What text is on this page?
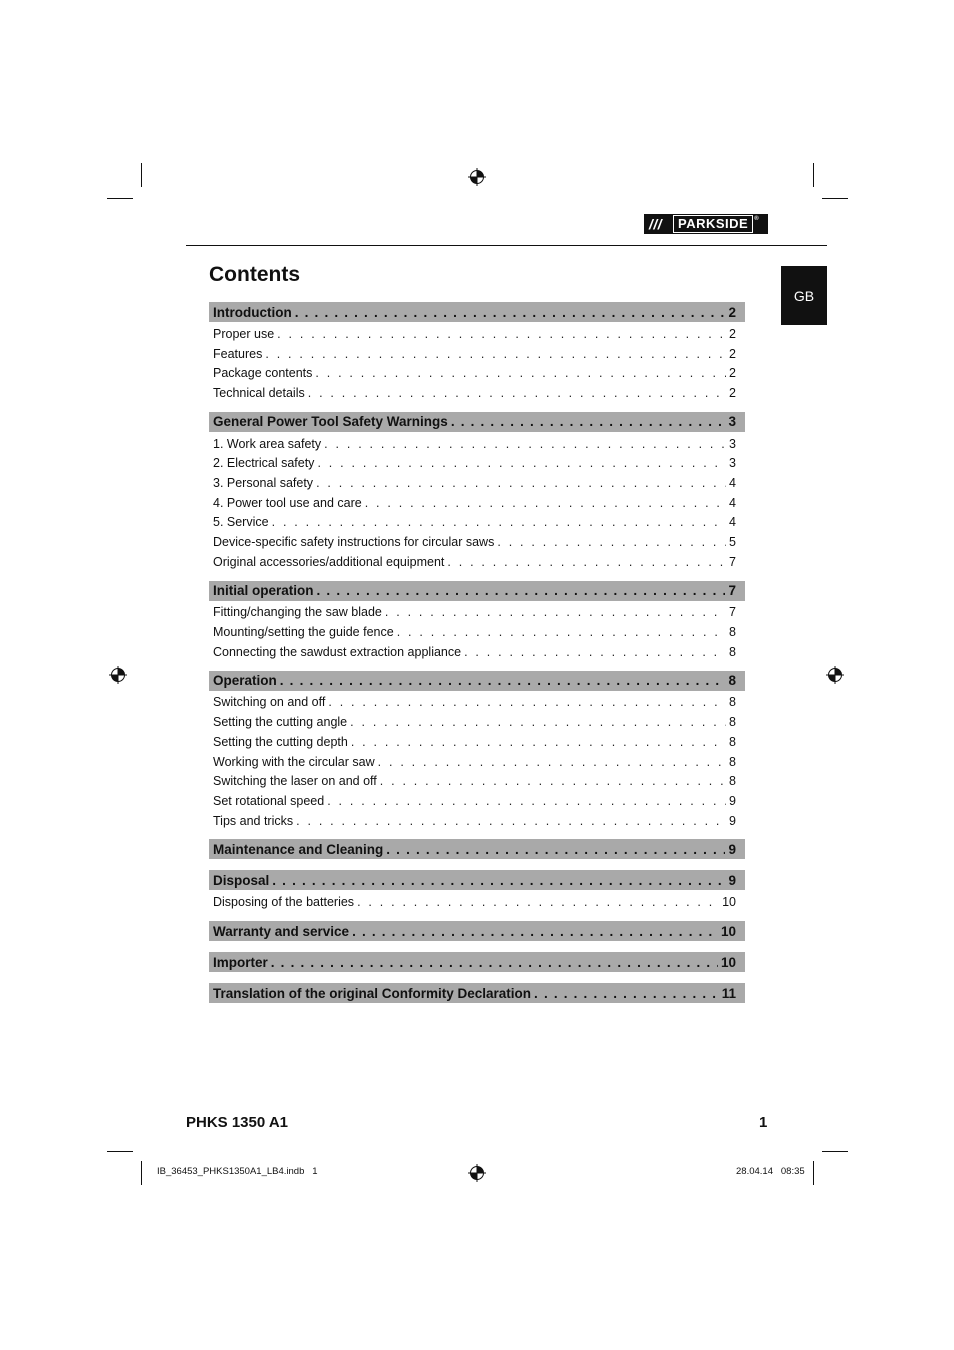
///	PARKSIDE	®
Contents
GB
Introduction . . .	2
Proper use . . .	2
Features . . .	2
Package contents . . .	2
Technical details . . .	2
General Power Tool Safety Warnings . . .	3
1. Work area safety . . .	3
2. Electrical safety . . .	3
3. Personal safety . . .	4
4. Power tool use and care . . .	4
5. Service . . .	4
Device-specific safety instructions for circular saws . . .	5
Original accessories/additional equipment . . .	7
Initial operation . . .	7
Fitting/changing the saw blade . . .	7
Mounting/setting the guide fence . . .	8
Connecting the sawdust extraction appliance . . .	8
Operation . . .	8
Switching on and off . . .	8
Setting the cutting angle . . .	8
Setting the cutting depth . . .	8
Working with the circular saw . . .	8
Switching the laser on and off . . .	8
Set rotational speed . . .	9
Tips and tricks . . .	9
Maintenance and Cleaning . . .	9
Disposal . . .	9
Disposing of the batteries . . .	10
Warranty and service . . .	10
Importer . . .	10
Translation of the original Conformity Declaration . . .	11
PHKS 1350 A1	1
IB_36453_PHKS1350A1_LB4.indb   1	28.04.14   08:35
